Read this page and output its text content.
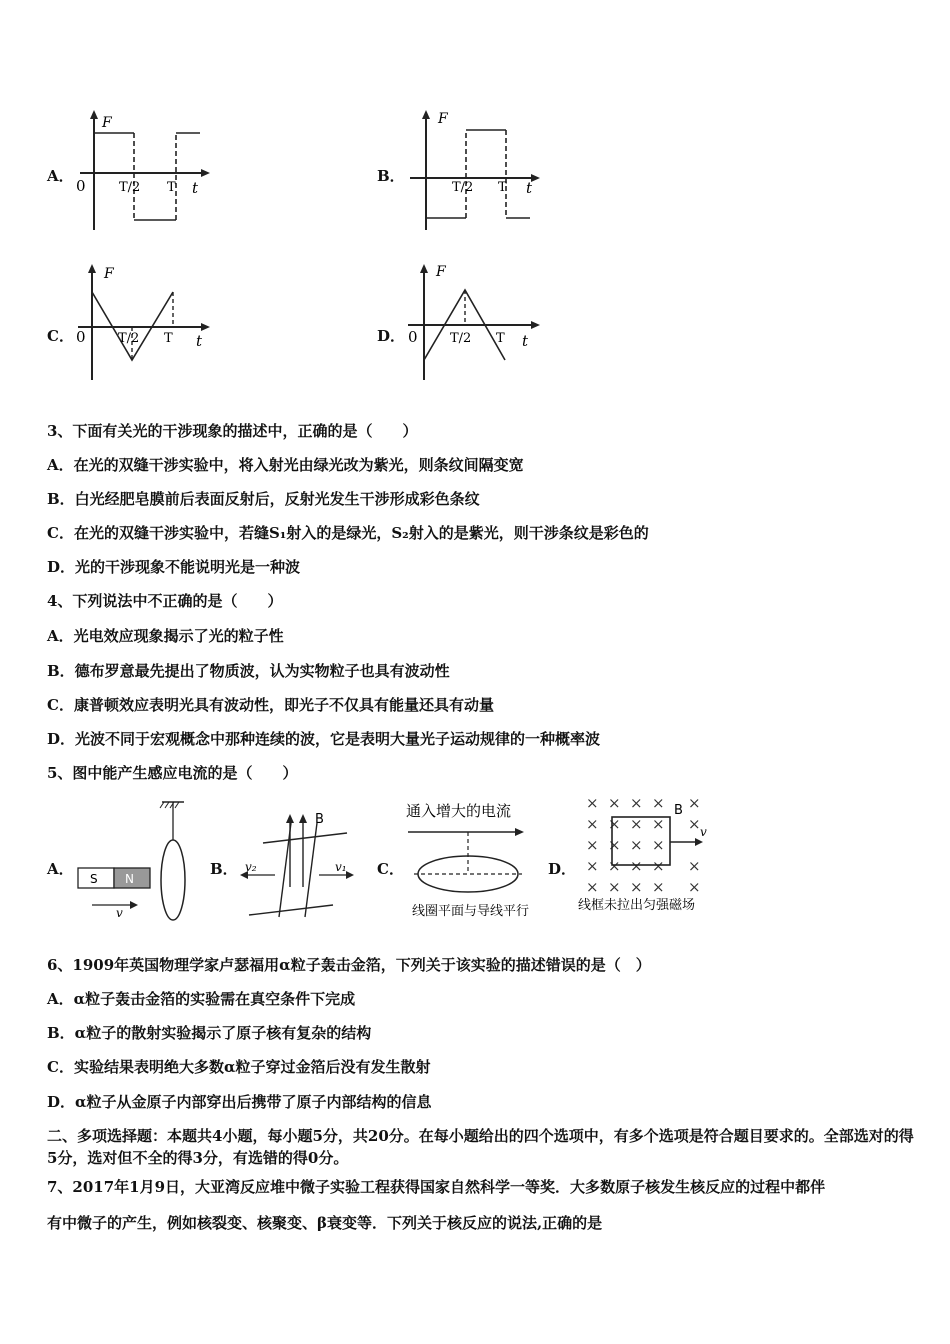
A．
F
0	T/2 T t
B．
F
T/2 T t
C．
F
0 T/2 T t	D．
F
0 T/2 T t
3、下面有关光的干涉现象的描述中，正确的是（　　）
A．在光的双缝干涉实验中，将入射光由绿光改为紫光，则条纹间隔变宽
B．白光经肥皂膜前后表面反射后，反射光发生干涉形成彩色条纹
C．在光的双缝干涉实验中，若缝S₁射入的是绿光，S₂射入的是紫光，则干涉条纹是彩色的
D．光的干涉现象不能说明光是一种波
4、下列说法中不正确的是（　　）
A．光电效应现象揭示了光的粒子性
B．德布罗意最先提出了物质波，认为实物粒子也具有波动性
C．康普顿效应表明光具有波动性，即光子不仅具有能量还具有动量
D．光波不同于宏观概念中那种连续的波，它是表明大量光子运动规律的一种概率波
5、图中能产生感应电流的是（　　）
A．
S N
v
B．
B
v₂	v₁ C．
通入增大的电流
线圈平面与导线平行
D．
× × × × ×
× × × × ×
× × × ×
× × × × ×
× × × × ×
B
v
线框未拉出匀强磁场
6、1909年英国物理学家卢瑟福用α粒子轰击金箔，下列关于该实验的描述错误的是（　）
A．α粒子轰击金箔的实验需在真空条件下完成
B．α粒子的散射实验揭示了原子核有复杂的结构
C．实验结果表明绝大多数α粒子穿过金箔后没有发生散射
D．α粒子从金原子内部穿出后携带了原子内部结构的信息
二、多项选择题：本题共4小题，每小题5分，共20分。在每小题给出的四个选项中，有多个选项是符合题目要求的。全部选对的得5分，选对但不全的得3分，有选错的得0分。
7、2017年1月9日，大亚湾反应堆中微子实验工程获得国家自然科学一等奖．大多数原子核发生核反应的过程中都伴
有中微子的产生，例如核裂变、核聚变、β衰变等．下列关于核反应的说法,正确的是
